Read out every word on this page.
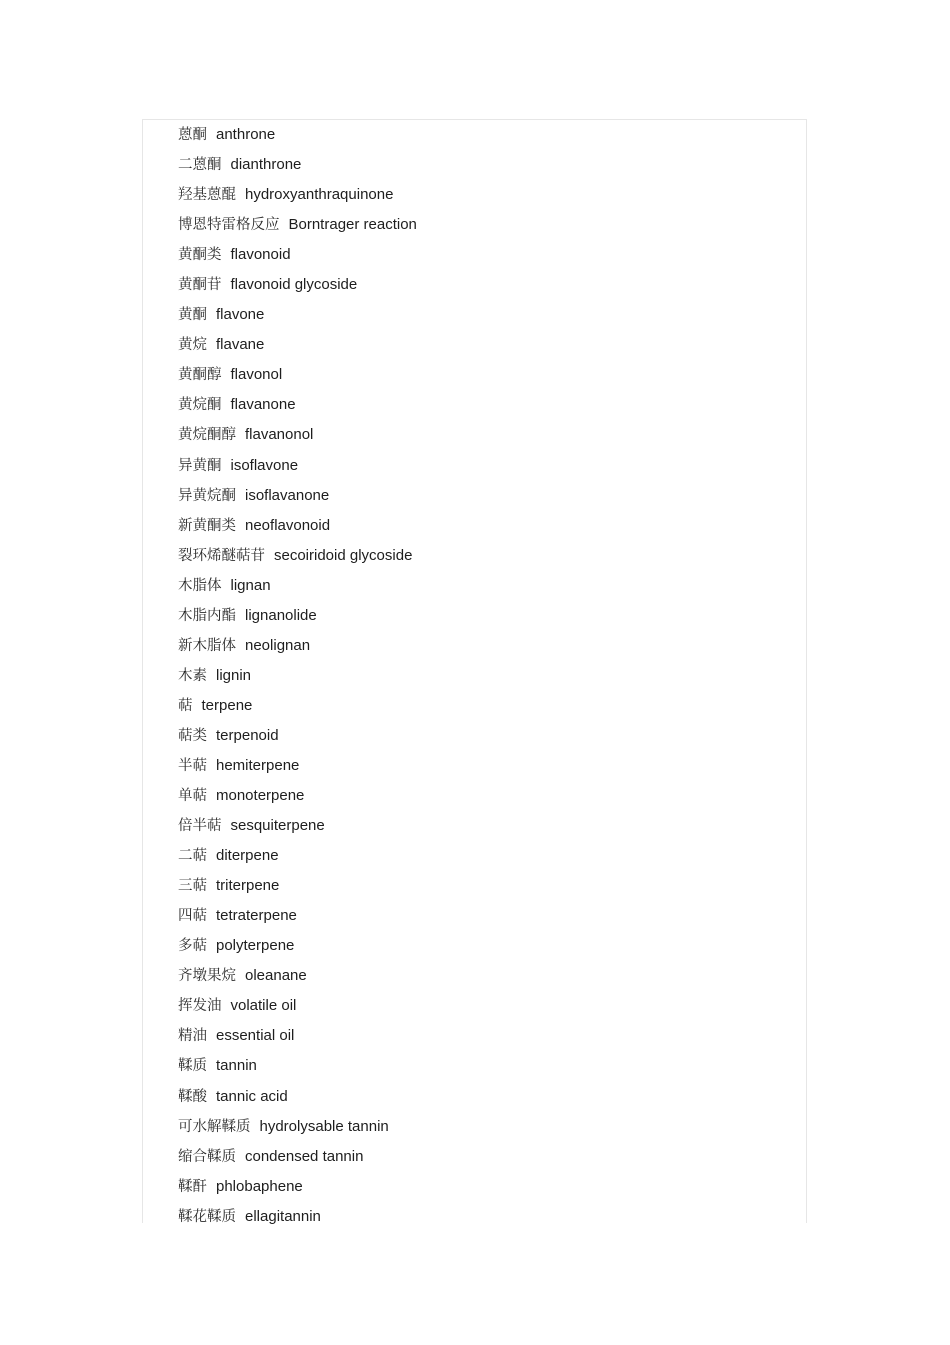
蒽酮 anthrone
二蒽酮 dianthrone
羟基蒽醌 hydroxyanthraquinone
博恩特雷格反应 Borntrager reaction
黄酮类 flavonoid
黄酮苷 flavonoid glycoside
黄酮 flavone
黄烷 flavane
黄酮醇 flavonol
黄烷酮 flavanone
黄烷酮醇 flavanonol
异黄酮 isoflavone
异黄烷酮 isoflavanone
新黄酮类 neoflavonoid
裂环烯醚萜苷 secoiridoid glycoside
木脂体 lignan
木脂内酯 lignanolide
新木脂体 neolignan
木素 lignin
萜 terpene
萜类 terpenoid
半萜 hemiterpene
单萜 monoterpene
倍半萜 sesquiterpene
二萜 diterpene
三萜 triterpene
四萜 tetraterpene
多萜 polyterpene
齐墩果烷 oleanane
挥发油 volatile oil
精油 essential oil
鞣质 tannin
鞣酸 tannic acid
可水解鞣质 hydrolysable tannin
缩合鞣质 condensed tannin
鞣酐 phlobaphene
鞣花鞣质 ellagitannin
